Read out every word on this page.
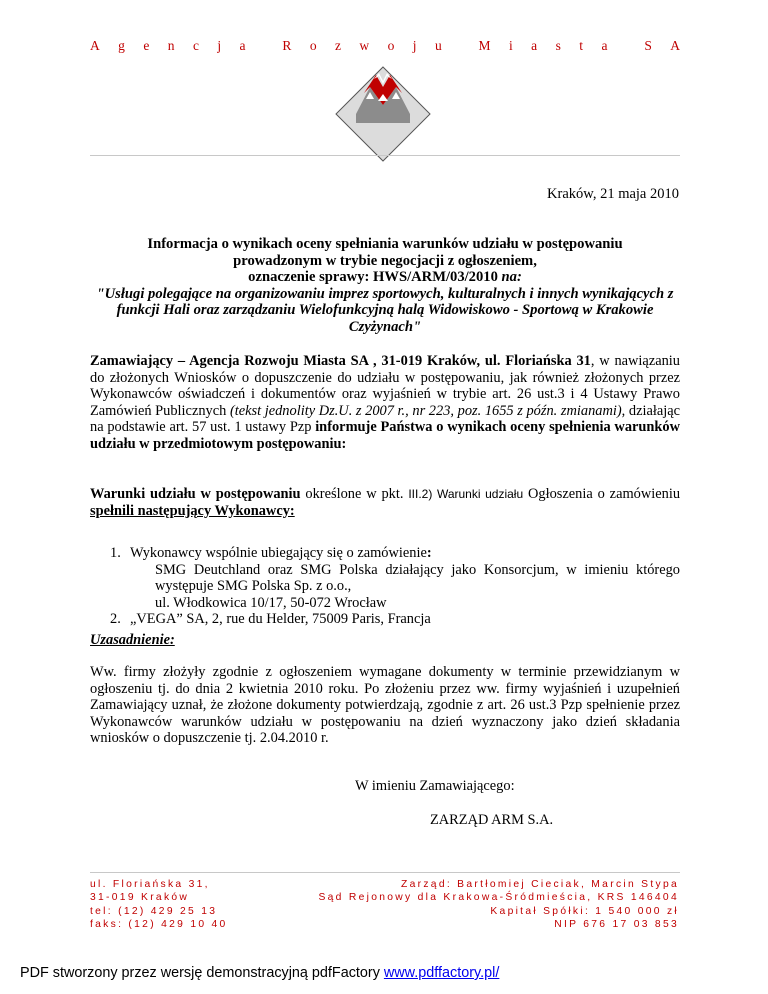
A g e n c j a	R o z w o j u	M i a s t a	S A
Kraków, 21 maja 2010
Informacja o wynikach oceny spełniania warunków udziału w postępowaniu
prowadzonym w trybie negocjacji z ogłoszeniem,
oznaczenie sprawy: HWS/ARM/03/2010 na:
"Usługi polegające na organizowaniu imprez sportowych, kulturalnych i innych wynikających z funkcji Hali oraz zarządzaniu Wielofunkcyjną halą Widowiskowo - Sportową w Krakowie Czyżynach"

Zamawiający – Agencja Rozwoju Miasta SA , 31-019 Kraków, ul. Floriańska 31, w nawiązaniu do złożonych Wniosków o dopuszczenie do udziału w postępowaniu, jak również złożonych przez Wykonawców oświadczeń i dokumentów oraz wyjaśnień w trybie art. 26 ust.3 i 4 Ustawy Prawo Zamówień Publicznych (tekst jednolity Dz.U. z 2007 r., nr 223, poz. 1655 z późn. zmianami), działając na podstawie art. 57 ust. 1 ustawy Pzp informuje Państwa o wynikach oceny spełnienia warunków udziału w przedmiotowym postępowaniu:

Warunki udziału w postępowaniu określone w pkt. III.2) Warunki udziału Ogłoszenia o zamówieniu spełnili następujący Wykonawcy:

1. Wykonawcy wspólnie ubiegający się o zamówienie:
SMG Deutchland oraz SMG Polska działający jako Konsorcjum, w imieniu którego występuje SMG Polska Sp. z o.o.,
ul. Włodkowica 10/17, 50-072 Wrocław
2. „VEGA” SA, 2, rue du Helder, 75009 Paris, Francja
Uzasadnienie:

Ww. firmy złożyły zgodnie z ogłoszeniem wymagane dokumenty w terminie przewidzianym w ogłoszeniu tj. do dnia 2 kwietnia 2010 roku. Po złożeniu przez ww. firmy wyjaśnień i uzupełnień Zamawiający uznał, że złożone dokumenty potwierdzają, zgodnie z art. 26 ust.3 Pzp spełnienie przez Wykonawców warunków udziału w postępowaniu na dzień wyznaczony jako dzień składania wniosków o dopuszczenie tj. 2.04.2010 r.

W imieniu Zamawiającego:
ZARZĄD ARM S.A.
ul. Floriańska 31,
31-019 Kraków
tel: (12) 429 25 13
faks: (12) 429 10 40
Zarząd: Bartłomiej Cieciak, Marcin Stypa
Sąd Rejonowy dla Krakowa-Śródmieścia, KRS 146404
Kapitał Spółki: 1 540 000 zł
NIP 676 17 03 853
PDF stworzony przez wersję demonstracyjną pdfFactory www.pdffactory.pl/
